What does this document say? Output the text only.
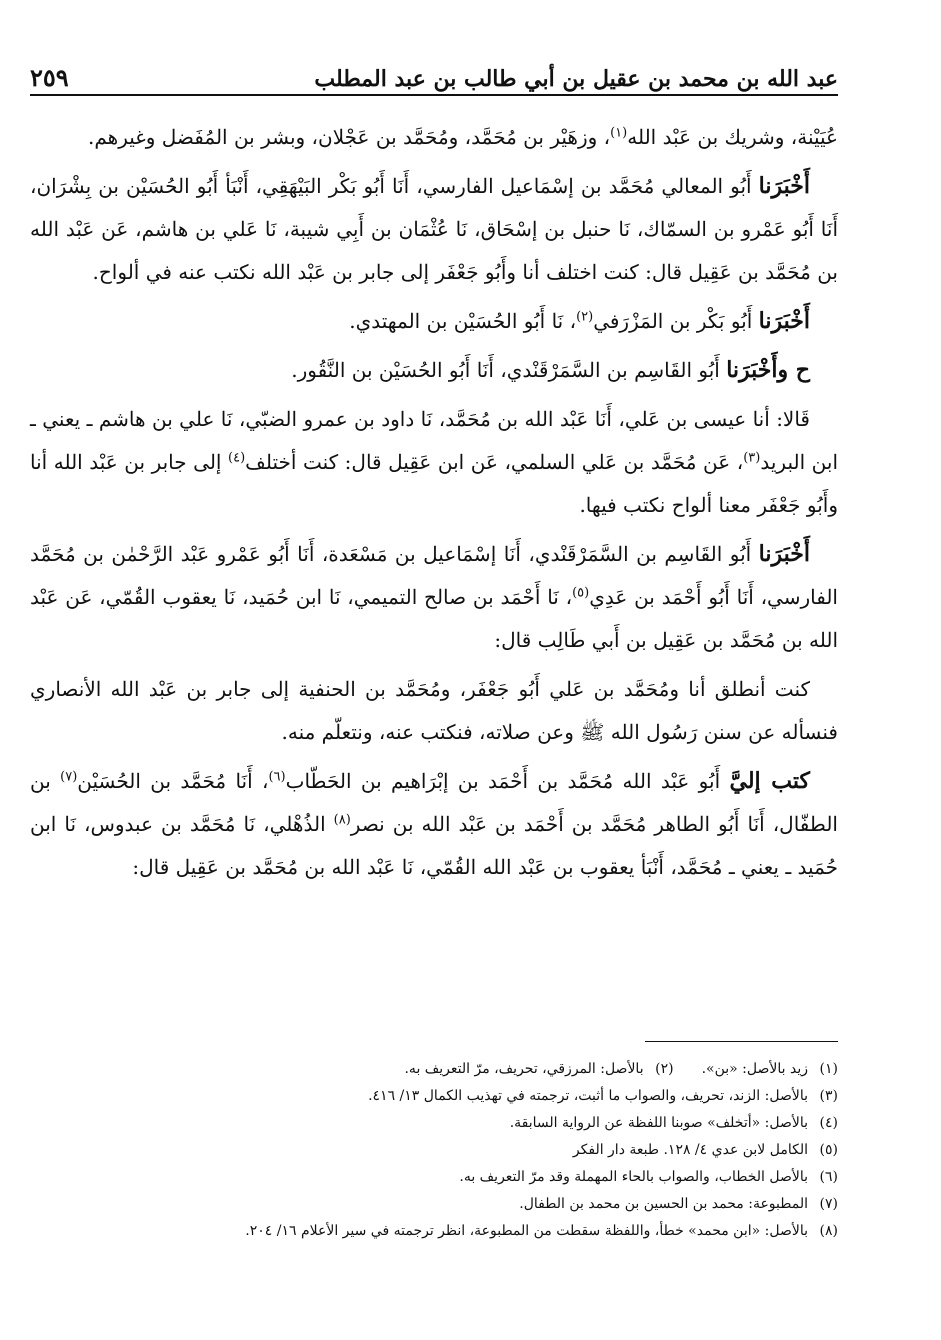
عبد الله بن محمد بن عقيل بن أبي طالب بن عبد المطلب
٢٥٩

عُيَيْنة، وشريك بن عَبْد الله$^{(١)}$، وزهَيْر بن مُحَمَّد، ومُحَمَّد بن عَجْلان، وبشر بن المُفَضل وغيرهم.

أَخْبَرَنا أَبُو المعالي مُحَمَّد بن إسْمَاعيل الفارسي، أَنَا أَبُو بَكْر البَيْهَقِي، أَنْبَأ أَبُو الحُسَيْن بن بِشْرَان، أَنَا أَبُو عَمْرو بن السمّاك، نَا حنبل بن إسْحَاق، نَا عُثْمَان بن أَبِي شيبة، نَا عَلي بن هاشم، عَن عَبْد الله بن مُحَمَّد بن عَقِيل قال: كنت اختلف أنا وأَبُو جَعْفَر إلى جابر بن عَبْد الله نكتب عنه في ألواح.

أَخْبَرَنا أَبُو بَكْر بن المَزْرَفي$^{(٢)}$، نَا أَبُو الحُسَيْن بن المهتدي.

ح وأَخْبَرَنا أَبُو القَاسِم بن السَّمَرْقَنْدي، أَنَا أَبُو الحُسَيْن بن النَّقُور.

قَالا: أنا عيسى بن عَلي، أَنَا عَبْد الله بن مُحَمَّد، نَا داود بن عمرو الضبّي، نَا علي بن هاشم ـ يعني ـ ابن البريد$^{(٣)}$، عَن مُحَمَّد بن عَلي السلمي، عَن ابن عَقِيل قال: كنت أختلف$^{(٤)}$ إلى جابر بن عَبْد الله أنا وأَبُو جَعْفَر معنا ألواح نكتب فيها.

أَخْبَرَنا أَبُو القَاسِم بن السَّمَرْقَنْدي، أَنَا إسْمَاعيل بن مَسْعَدة، أَنَا أَبُو عَمْرو عَبْد الرَّحْمٰن بن مُحَمَّد الفارسي، أَنَا أَبُو أَحْمَد بن عَدِي$^{(٥)}$، نَا أَحْمَد بن صالح التميمي، نَا ابن حُمَيد، نَا يعقوب القُمّي، عَن عَبْد الله بن مُحَمَّد بن عَقِيل بن أَبي طَالِب قال:

كنت أنطلق أنا ومُحَمَّد بن عَلي أَبُو جَعْفَر، ومُحَمَّد بن الحنفية إلى جابر بن عَبْد الله الأنصاري فنسأله عن سنن رَسُول الله ﷺ وعن صلاته، فنكتب عنه، ونتعلّم منه.

كتب إليَّ أَبُو عَبْد الله مُحَمَّد بن أَحْمَد بن إبْرَاهيم بن الحَطّاب$^{(٦)}$، أَنَا مُحَمَّد بن الحُسَيْن$^{(٧)}$ بن الطفّال، أَنَا أَبُو الطاهر مُحَمَّد بن أَحْمَد بن عَبْد الله بن نصر$^{(٨)}$ الذُهْلي، نَا مُحَمَّد بن عبدوس، نَا ابن حُمَيد ـ يعني ـ مُحَمَّد، أَنْبَأ يعقوب بن عَبْد الله القُمّي، نَا عَبْد الله بن مُحَمَّد بن عَقِيل قال:

(١)زيد بالأصل: «بن».(٢)بالأصل: المرزقي، تحريف، مرّ التعريف به.
(٣)بالأصل: الزند، تحريف، والصواب ما أثبت، ترجمته في تهذيب الكمال ١٣/ ٤١٦.
(٤)بالأصل: «أتخلف» صوبنا اللفظة عن الرواية السابقة.
(٥)الكامل لابن عدي ٤/ ١٢٨. طبعة دار الفكر
(٦)بالأصل الخطاب، والصواب بالحاء المهملة وقد مرّ التعريف به.
(٧)المطبوعة: محمد بن الحسين بن محمد بن الطفال.
(٨)بالأصل: «ابن محمد» خطأ، واللفظة سقطت من المطبوعة، انظر ترجمته في سير الأعلام ١٦/ ٢٠٤.
